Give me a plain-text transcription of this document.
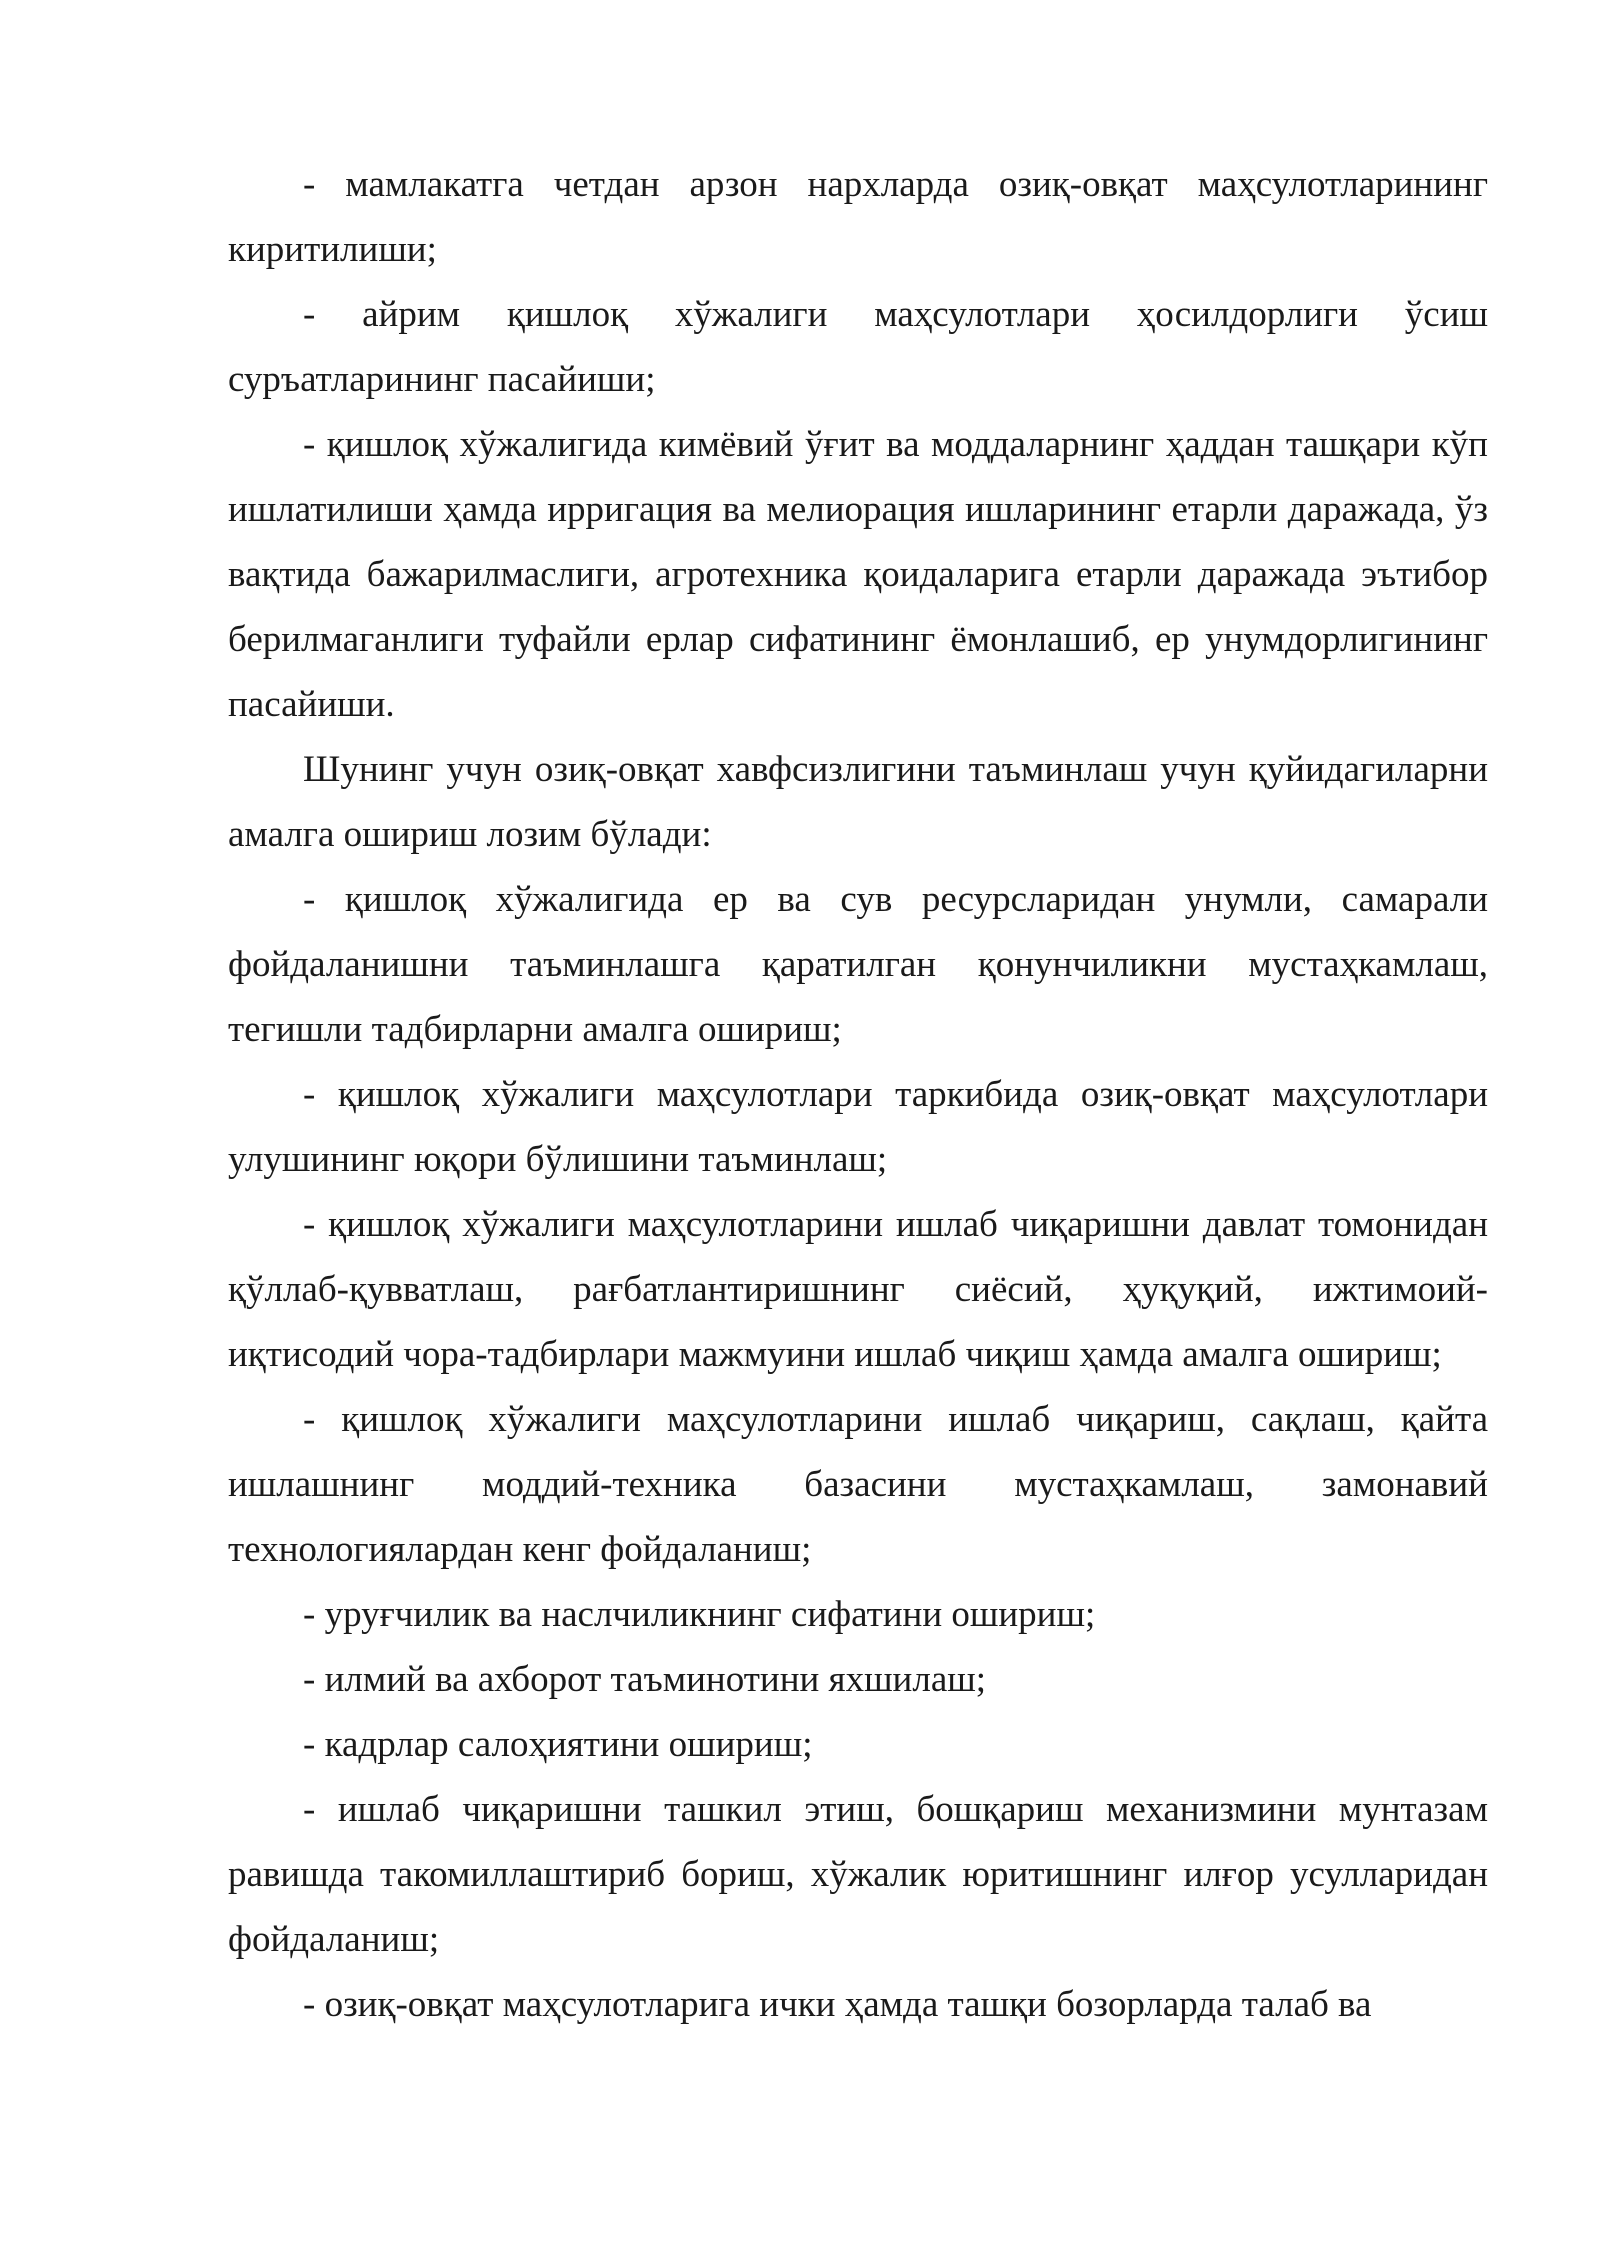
- мамлакатга четдан арзон нархларда озиқ-овқат маҳсулотларининг киритилиши;

- айрим қишлоқ хўжалиги маҳсулотлари ҳосилдорлиги ўсиш суръатларининг пасайиши;

- қишлоқ хўжалигида кимёвий ўғит ва моддаларнинг ҳаддан ташқари кўп ишлатилиши ҳамда ирригация ва мелиорация ишларининг етарли даражада, ўз вақтида бажарилмаслиги, агротехника қоидаларига етарли даражада эътибор берилмаганлиги туфайли ерлар сифатининг ёмонлашиб, ер унумдорлигининг пасайиши.

Шунинг учун озиқ-овқат хавфсизлигини таъминлаш учун қуйидагиларни амалга ошириш лозим бўлади:

- қишлоқ хўжалигида ер ва сув ресурсларидан унумли, самарали фойдаланишни таъминлашга қаратилган қонунчиликни мустаҳкамлаш, тегишли тадбирларни амалга ошириш;

- қишлоқ хўжалиги маҳсулотлари таркибида озиқ-овқат маҳсулотлари улушининг юқори бўлишини таъминлаш;

- қишлоқ хўжалиги маҳсулотларини ишлаб чиқаришни давлат томонидан қўллаб-қувватлаш, рағбатлантиришнинг сиёсий, ҳуқуқий, ижтимоий-иқтисодий чора-тадбирлари мажмуини ишлаб чиқиш ҳамда амалга ошириш;

- қишлоқ хўжалиги маҳсулотларини ишлаб чиқариш, сақлаш, қайта ишлашнинг моддий-техника базасини мустаҳкамлаш, замонавий технологиялардан кенг фойдаланиш;

- уруғчилик ва наслчиликнинг сифатини ошириш;

- илмий ва ахборот таъминотини яхшилаш;

- кадрлар салоҳиятини ошириш;

- ишлаб чиқаришни ташкил этиш, бошқариш механизмини мунтазам равишда такомиллаштириб бориш, хўжалик юритишнинг илғор усулларидан фойдаланиш;

- озиқ-овқат маҳсулотларига ички ҳамда ташқи бозорларда талаб ва
